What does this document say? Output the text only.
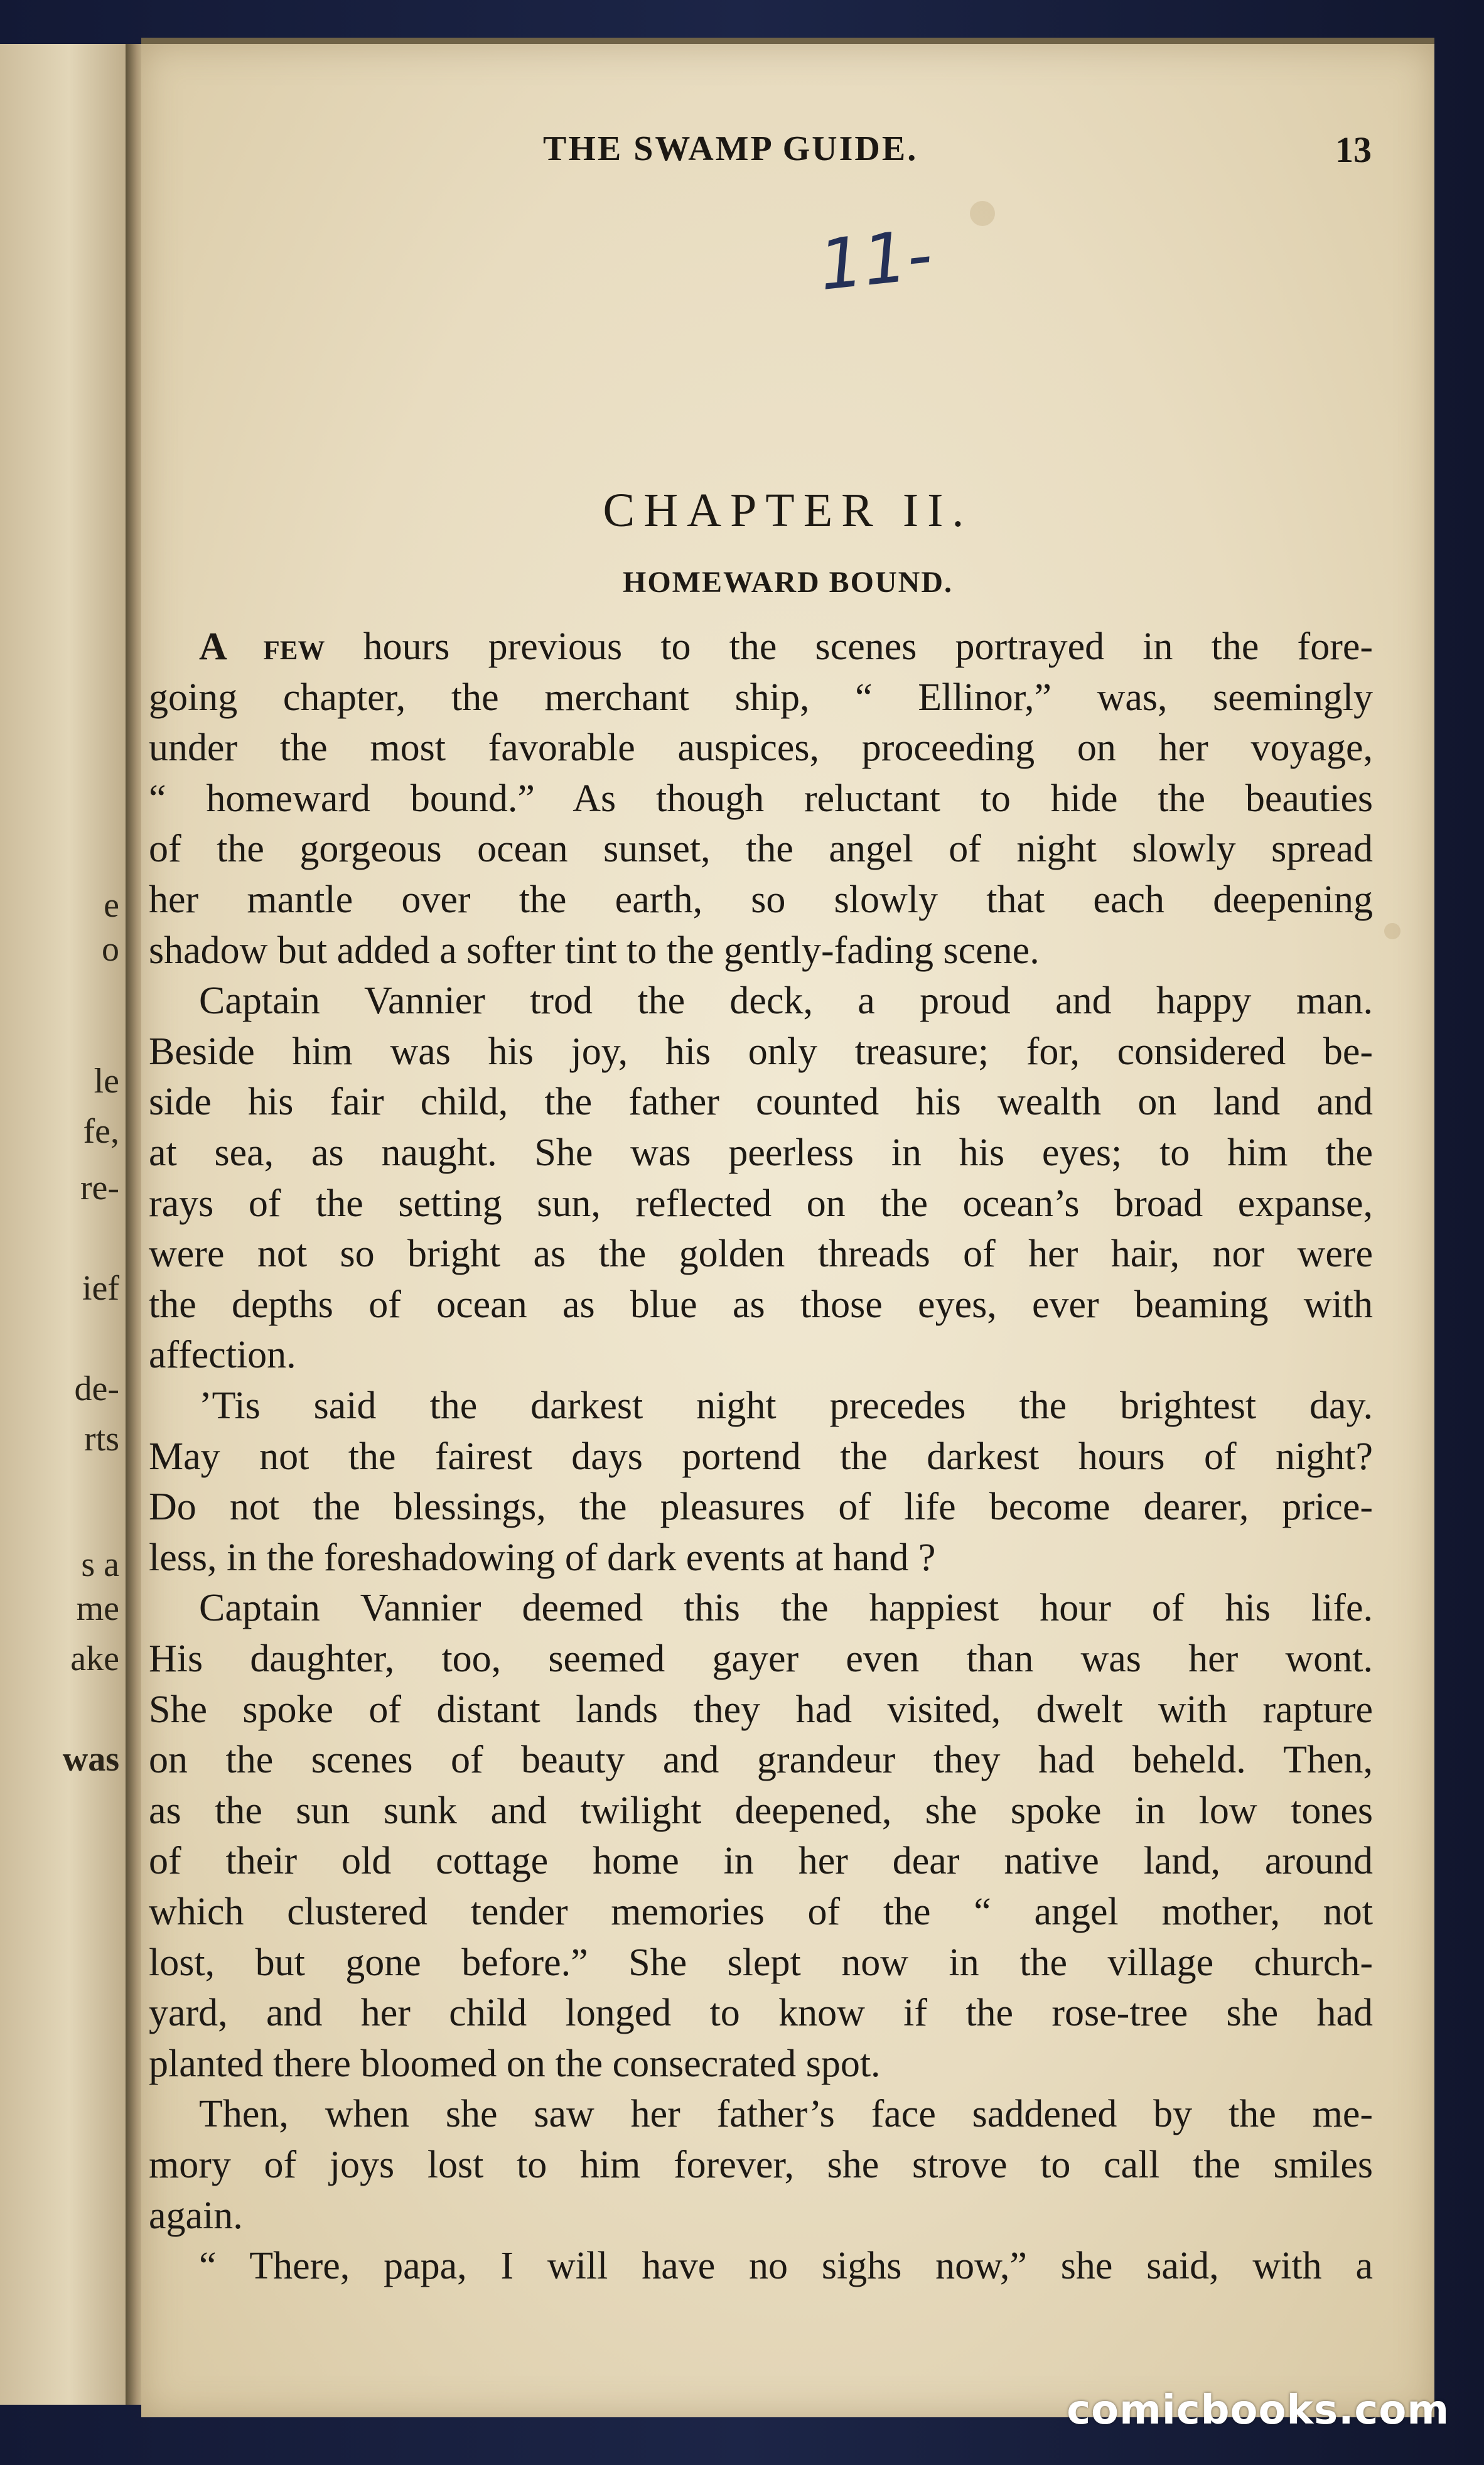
e
o
le
fe,
re-
ief
de-
rts
s a
me
ake
was
THE SWAMP GUIDE.	13
11-
CHAPTER II.
HOMEWARD BOUND.
A few hours previous to the scenes portrayed in the fore-
going chapter, the merchant ship, “ Ellinor,” was, seemingly
under the most favorable auspices, proceeding on her voyage,
“ homeward bound.” As though reluctant to hide the beauties
of the gorgeous ocean sunset, the angel of night slowly spread
her mantle over the earth, so slowly that each deepening
shadow but added a softer tint to the gently-fading scene.
Captain Vannier trod the deck, a proud and happy man.
Beside him was his joy, his only treasure; for, considered be-
side his fair child, the father counted his wealth on land and
at sea, as naught. She was peerless in his eyes; to him the
rays of the setting sun, reflected on the ocean’s broad expanse,
were not so bright as the golden threads of her hair, nor were
the depths of ocean as blue as those eyes, ever beaming with
affection.
’Tis said the darkest night precedes the brightest day.
May not the fairest days portend the darkest hours of night?
Do not the blessings, the pleasures of life become dearer, price-
less, in the foreshadowing of dark events at hand ?
Captain Vannier deemed this the happiest hour of his life.
His daughter, too, seemed gayer even than was her wont.
She spoke of distant lands they had visited, dwelt with rapture
on the scenes of beauty and grandeur they had beheld. Then,
as the sun sunk and twilight deepened, she spoke in low tones
of their old cottage home in her dear native land, around
which clustered tender memories of the “ angel mother, not
lost, but gone before.” She slept now in the village church-
yard, and her child longed to know if the rose-tree she had
planted there bloomed on the consecrated spot.
Then, when she saw her father’s face saddened by the me-
mory of joys lost to him forever, she strove to call the smiles
again.
“ There, papa, I will have no sighs now,” she said, with a
comicbooks.com
